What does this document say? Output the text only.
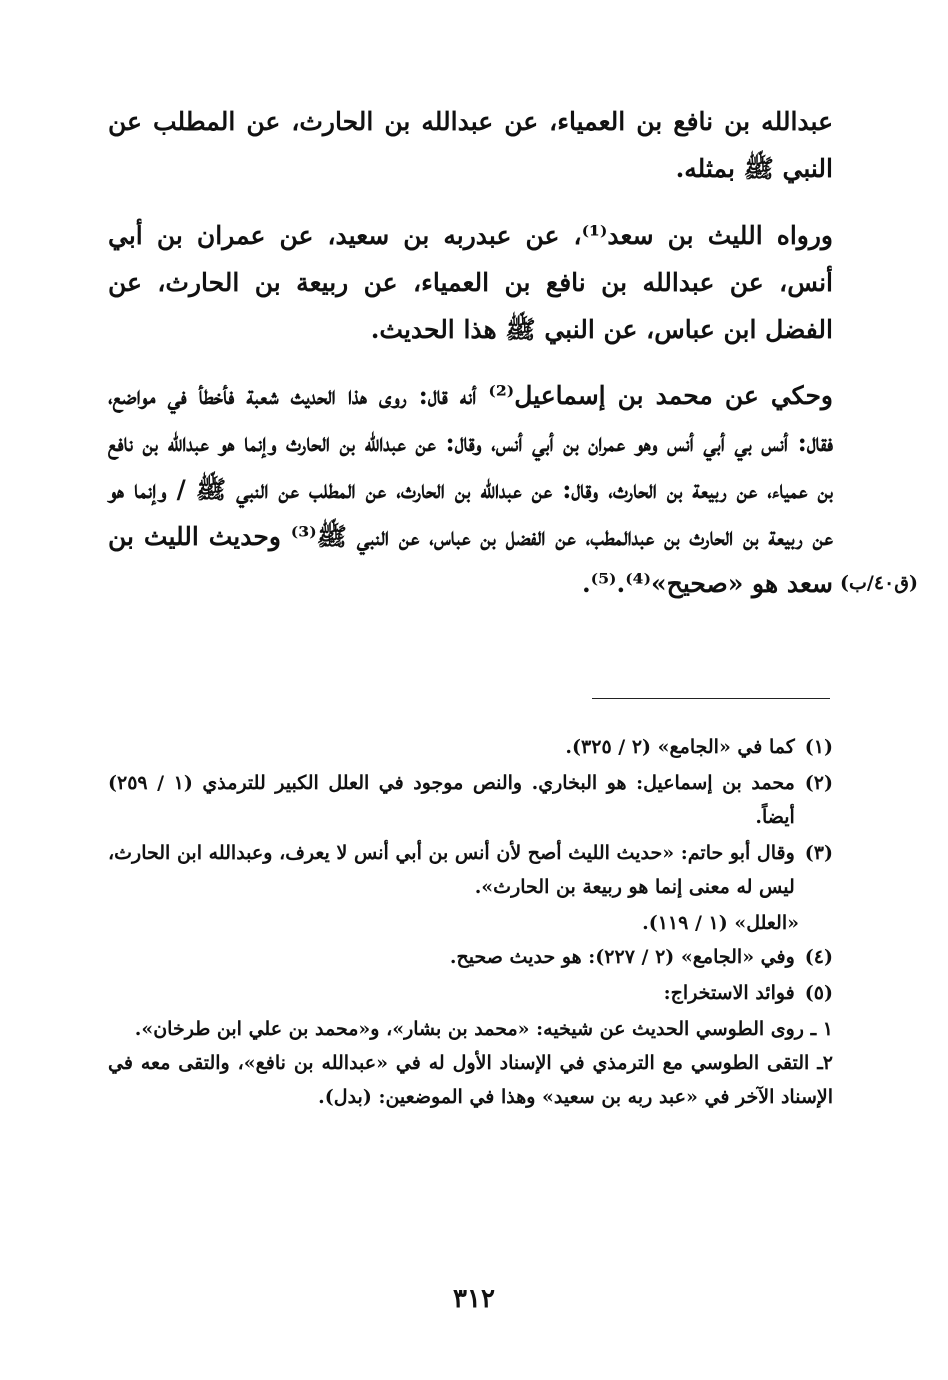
عبدالله بن نافع بن العمياء، عن عبدالله بن الحارث، عن المطلب عن النبي ﷺ بمثله.

ورواه الليث بن سعد⁽¹⁾، عن عبدربه بن سعيد، عن عمران بن أبي أنس، عن عبدالله بن نافع بن العمياء، عن ربيعة بن الحارث، عن الفضل ابن عباس، عن النبي ﷺ هذا الحديث.

وحكي عن محمد بن إسماعيل⁽²⁾ أنه قال: روى هذا الحديث شعبة فأخطأ في مواضع، فقال: أنس بي أبي أنس وهو عمران بن أبي أنس، وقال: عن عبدالله بن الحارث وإنما هو عبدالله بن نافع بن عمياء، عن ربيعة بن الحارث، وقال: عن عبدالله بن الحارث، عن المطلب عن النبي ﷺ / وإنما هو عن ربيعة بن الحارث بن عبدالمطب، عن الفضل بن عباس، عن النبي ﷺ⁽³⁾ وحديث الليث بن سعد هو «صحيح»⁽⁴⁾.⁽⁵⁾. (ق٤٠/ب)
(١)
كما في «الجامع» (٢ / ٣٢٥).
(٢)
محمد بن إسماعيل: هو البخاري. والنص موجود في العلل الكبير للترمذي (١ / ٢٥٩) أيضاً.
(٣)
وقال أبو حاتم: «حديث الليث أصح لأن أنس بن أبي أنس لا يعرف، وعبدالله ابن الحارث، ليس له معنى إنما هو ربيعة بن الحارث».
«العلل» (١ / ١١٩).
(٤)
وفي «الجامع» (٢ / ٢٢٧): هو حديث صحيح.
(٥)
فوائد الاستخراج:
١ ـ روى الطوسي الحديث عن شيخيه: «محمد بن بشار»، و«محمد بن علي ابن طرخان».
٢ـ التقى الطوسي مع الترمذي في الإسناد الأول له في «عبدالله بن نافع»، والتقى معه في الإسناد الآخر في «عبد ربه بن سعيد» وهذا في الموضعين: (بدل).
٣١٢
